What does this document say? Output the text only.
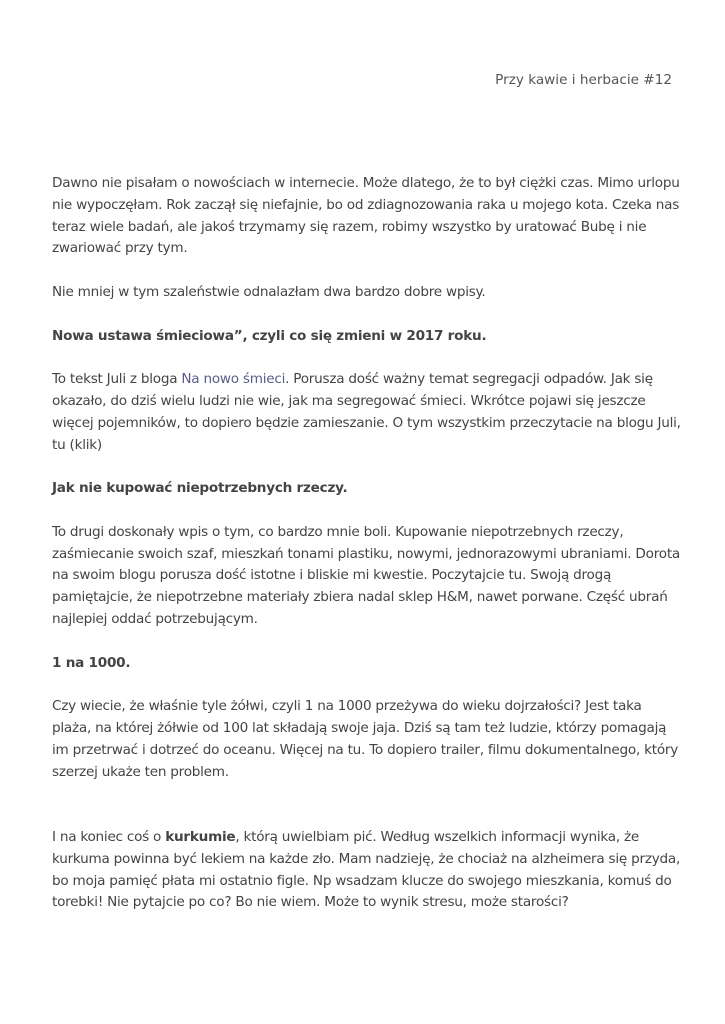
Przy kawie i herbacie #12

Dawno nie pisałam o nowościach w internecie. Może dlatego, że to był ciężki czas. Mimo urlopu nie wypoczęłam. Rok zaczął się niefajnie, bo od zdiagnozowania raka u mojego kota. Czeka nas teraz wiele badań, ale jakoś trzymamy się razem, robimy wszystko by uratować Bubę i nie zwariować przy tym.

Nie mniej w tym szaleństwie odnalazłam dwa bardzo dobre wpisy.

Nowa ustawa śmieciowa”, czyli co się zmieni w 2017 roku.

To tekst Juli z bloga Na nowo śmieci. Porusza dość ważny temat segregacji odpadów. Jak się okazało, do dziś wielu ludzi nie wie, jak ma segregować śmieci. Wkrótce pojawi się jeszcze więcej pojemników, to dopiero będzie zamieszanie. O tym wszystkim przeczytacie na blogu Juli, tu (klik)

Jak nie kupować niepotrzebnych rzeczy.

To drugi doskonały wpis o tym, co bardzo mnie boli. Kupowanie niepotrzebnych rzeczy, zaśmiecanie swoich szaf, mieszkań tonami plastiku, nowymi, jednorazowymi ubraniami. Dorota na swoim blogu porusza dość istotne i bliskie mi kwestie. Poczytajcie tu. Swoją drogą pamiętajcie, że niepotrzebne materiały zbiera nadal sklep H&M, nawet porwane. Część ubrań najlepiej oddać potrzebującym.

1 na 1000.

Czy wiecie, że właśnie tyle żółwi, czyli 1 na 1000 przeżywa do wieku dojrzałości? Jest taka plaża, na której żółwie od 100 lat składają swoje jaja. Dziś są tam też ludzie, którzy pomagają im przetrwać i dotrzeć do oceanu. Więcej na tu. To dopiero trailer, filmu dokumentalnego, który szerzej ukaże ten problem.

I na koniec coś o kurkumie, którą uwielbiam pić. Według wszelkich informacji wynika, że kurkuma powinna być lekiem na każde zło. Mam nadzieję, że chociaż na alzheimera się przyda, bo moja pamięć płata mi ostatnio figle. Np wsadzam klucze do swojego mieszkania, komuś do torebki! Nie pytajcie po co? Bo nie wiem. Może to wynik stresu, może starości?
